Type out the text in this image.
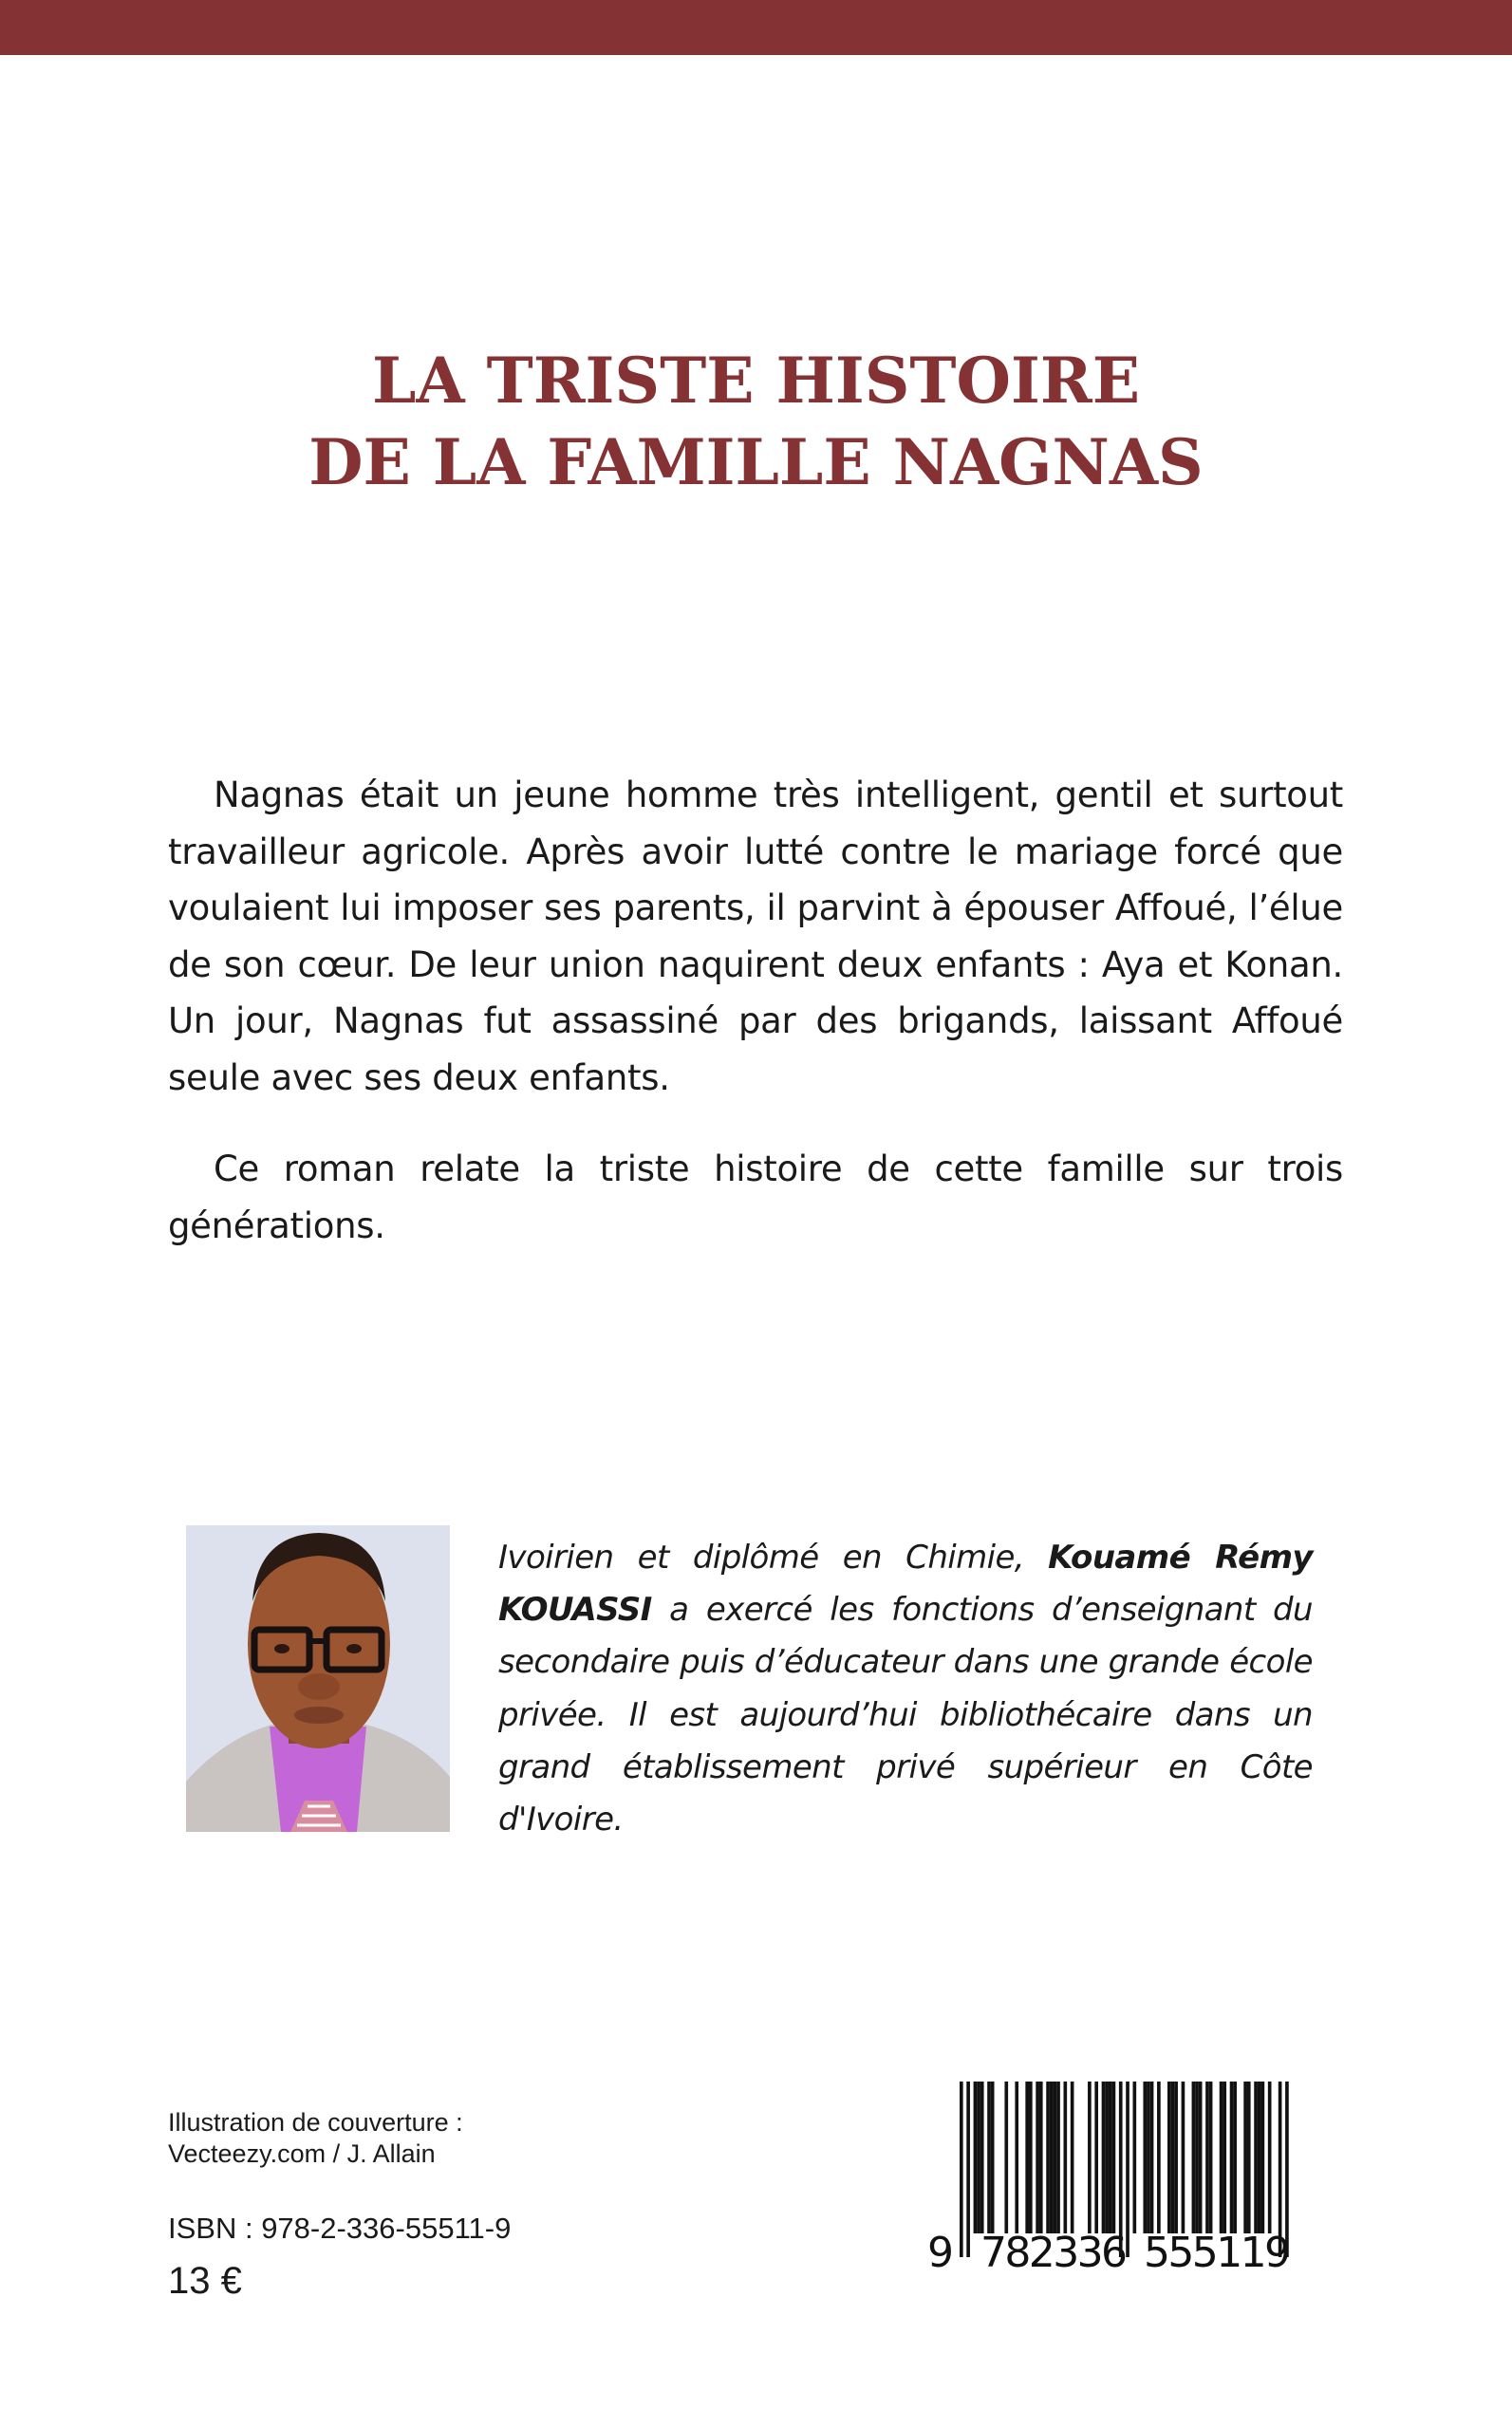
LA TRISTE HISTOIRE
DE LA FAMILLE NAGNAS

Nagnas était un jeune homme très intelligent, gentil et surtout travailleur agricole. Après avoir lutté contre le mariage forcé que voulaient lui imposer ses parents, il parvint à épouser Affoué, l’élue de son cœur. De leur union naquirent deux enfants : Aya et Konan. Un jour, Nagnas fut assassiné par des brigands, laissant Affoué seule avec ses deux enfants.

Ce roman relate la triste histoire de cette famille sur trois générations.

Ivoirien et diplômé en Chimie, Kouamé Rémy KOUASSI a exercé les fonctions d’enseignant du secondaire puis d’éducateur dans une grande école privée. Il est aujourd’hui bibliothécaire dans un grand établissement privé supérieur en Côte d'Ivoire.
Illustration de couverture :
Vecteezy.com / J. Allain
ISBN : 978-2-336-55511-9
13 €
9 782336 555119
